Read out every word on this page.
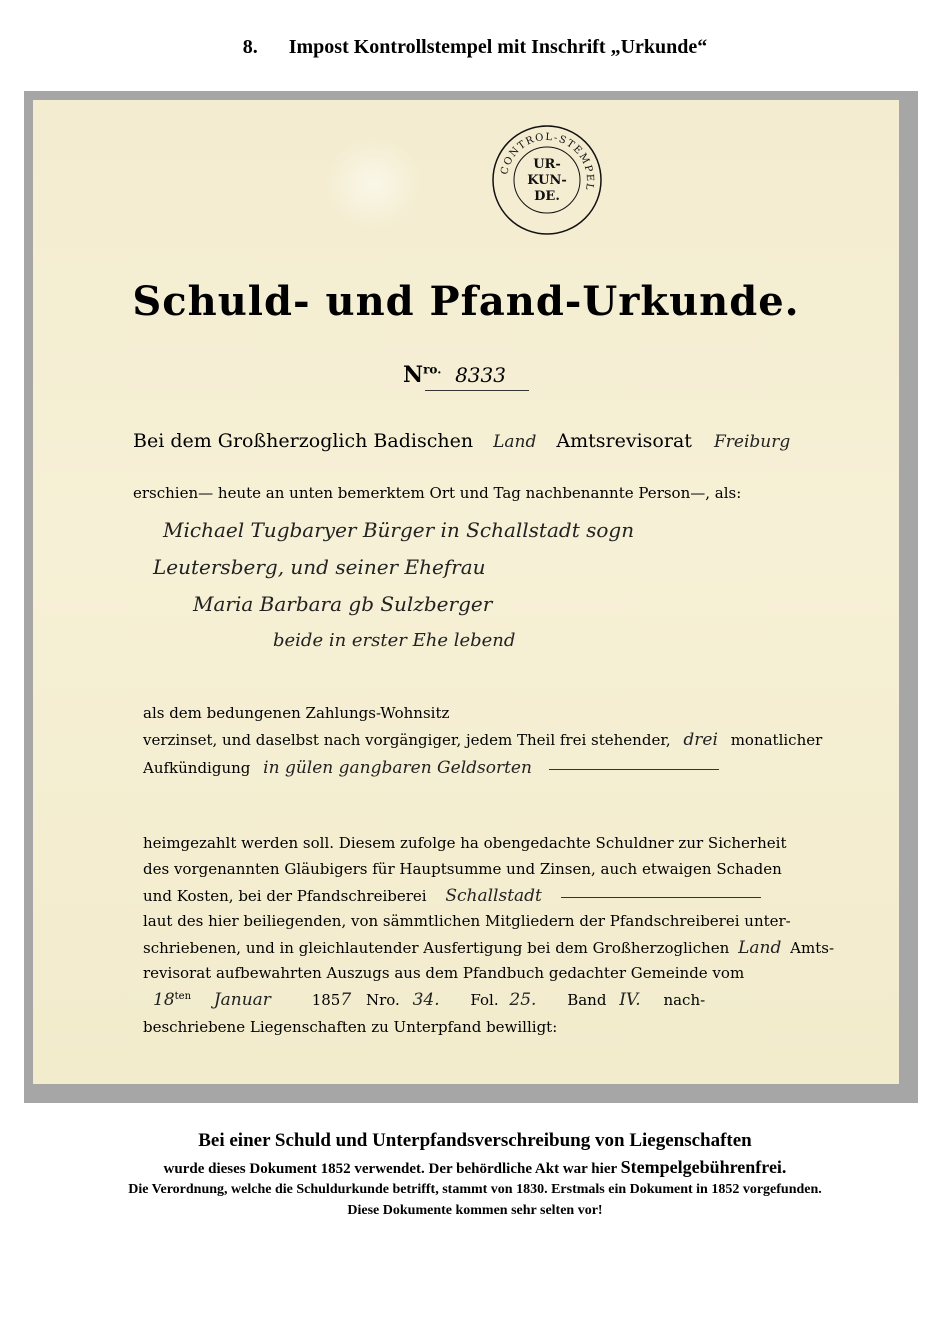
8. Impost Kontrollstempel mit Inschrift „Urkunde“
CONTROL-STEMPEL
UR-
KUN-
DE.
Schuld- und Pfand-Urkunde.
$N^{ro.}$ 8333
Bei dem Großherzoglich Badischen Land Amtsrevisorat Freiburg
erschien— heute an unten bemerktem Ort und Tag nachbenannte Person—, als:
Michael Tugbaryer Bürger in Schallstadt sogn
Leutersberg, und seiner Ehefrau
Maria Barbara gb Sulzberger
beide in erster Ehe lebend
als dem bedungenen Zahlungs-Wohnsitz
verzinset, und daselbst nach vorgängiger, jedem Theil frei stehender, drei monatlicher
Aufkündigung in gülen gangbaren Geldsorten
heimgezahlt werden soll. Diesem zufolge ha obengedachte Schuldner zur Sicherheit
des vorgenannten Gläubigers für Hauptsumme und Zinsen, auch etwaigen Schaden
und Kosten, bei der Pfandschreiberei Schallstadt
laut des hier beiliegenden, von sämmtlichen Mitgliedern der Pfandschreiberei unter-
schriebenen, und in gleichlautender Ausfertigung bei dem Großherzoglichen Land Amts-
revisorat aufbewahrten Auszugs aus dem Pfandbuch gedachter Gemeinde vom
$18^{ten}$ Januar	1857 Nro. 34. Fol. 25. Band IV. nach-
beschriebene Liegenschaften zu Unterpfand bewilligt:
Bei einer Schuld und Unterpfandsverschreibung von Liegenschaften
wurde dieses Dokument 1852 verwendet. Der behördliche Akt war hier Stempelgebührenfrei.
Die Verordnung, welche die Schuldurkunde betrifft, stammt von 1830. Erstmals ein Dokument in 1852 vorgefunden.
Diese Dokumente kommen sehr selten vor!
